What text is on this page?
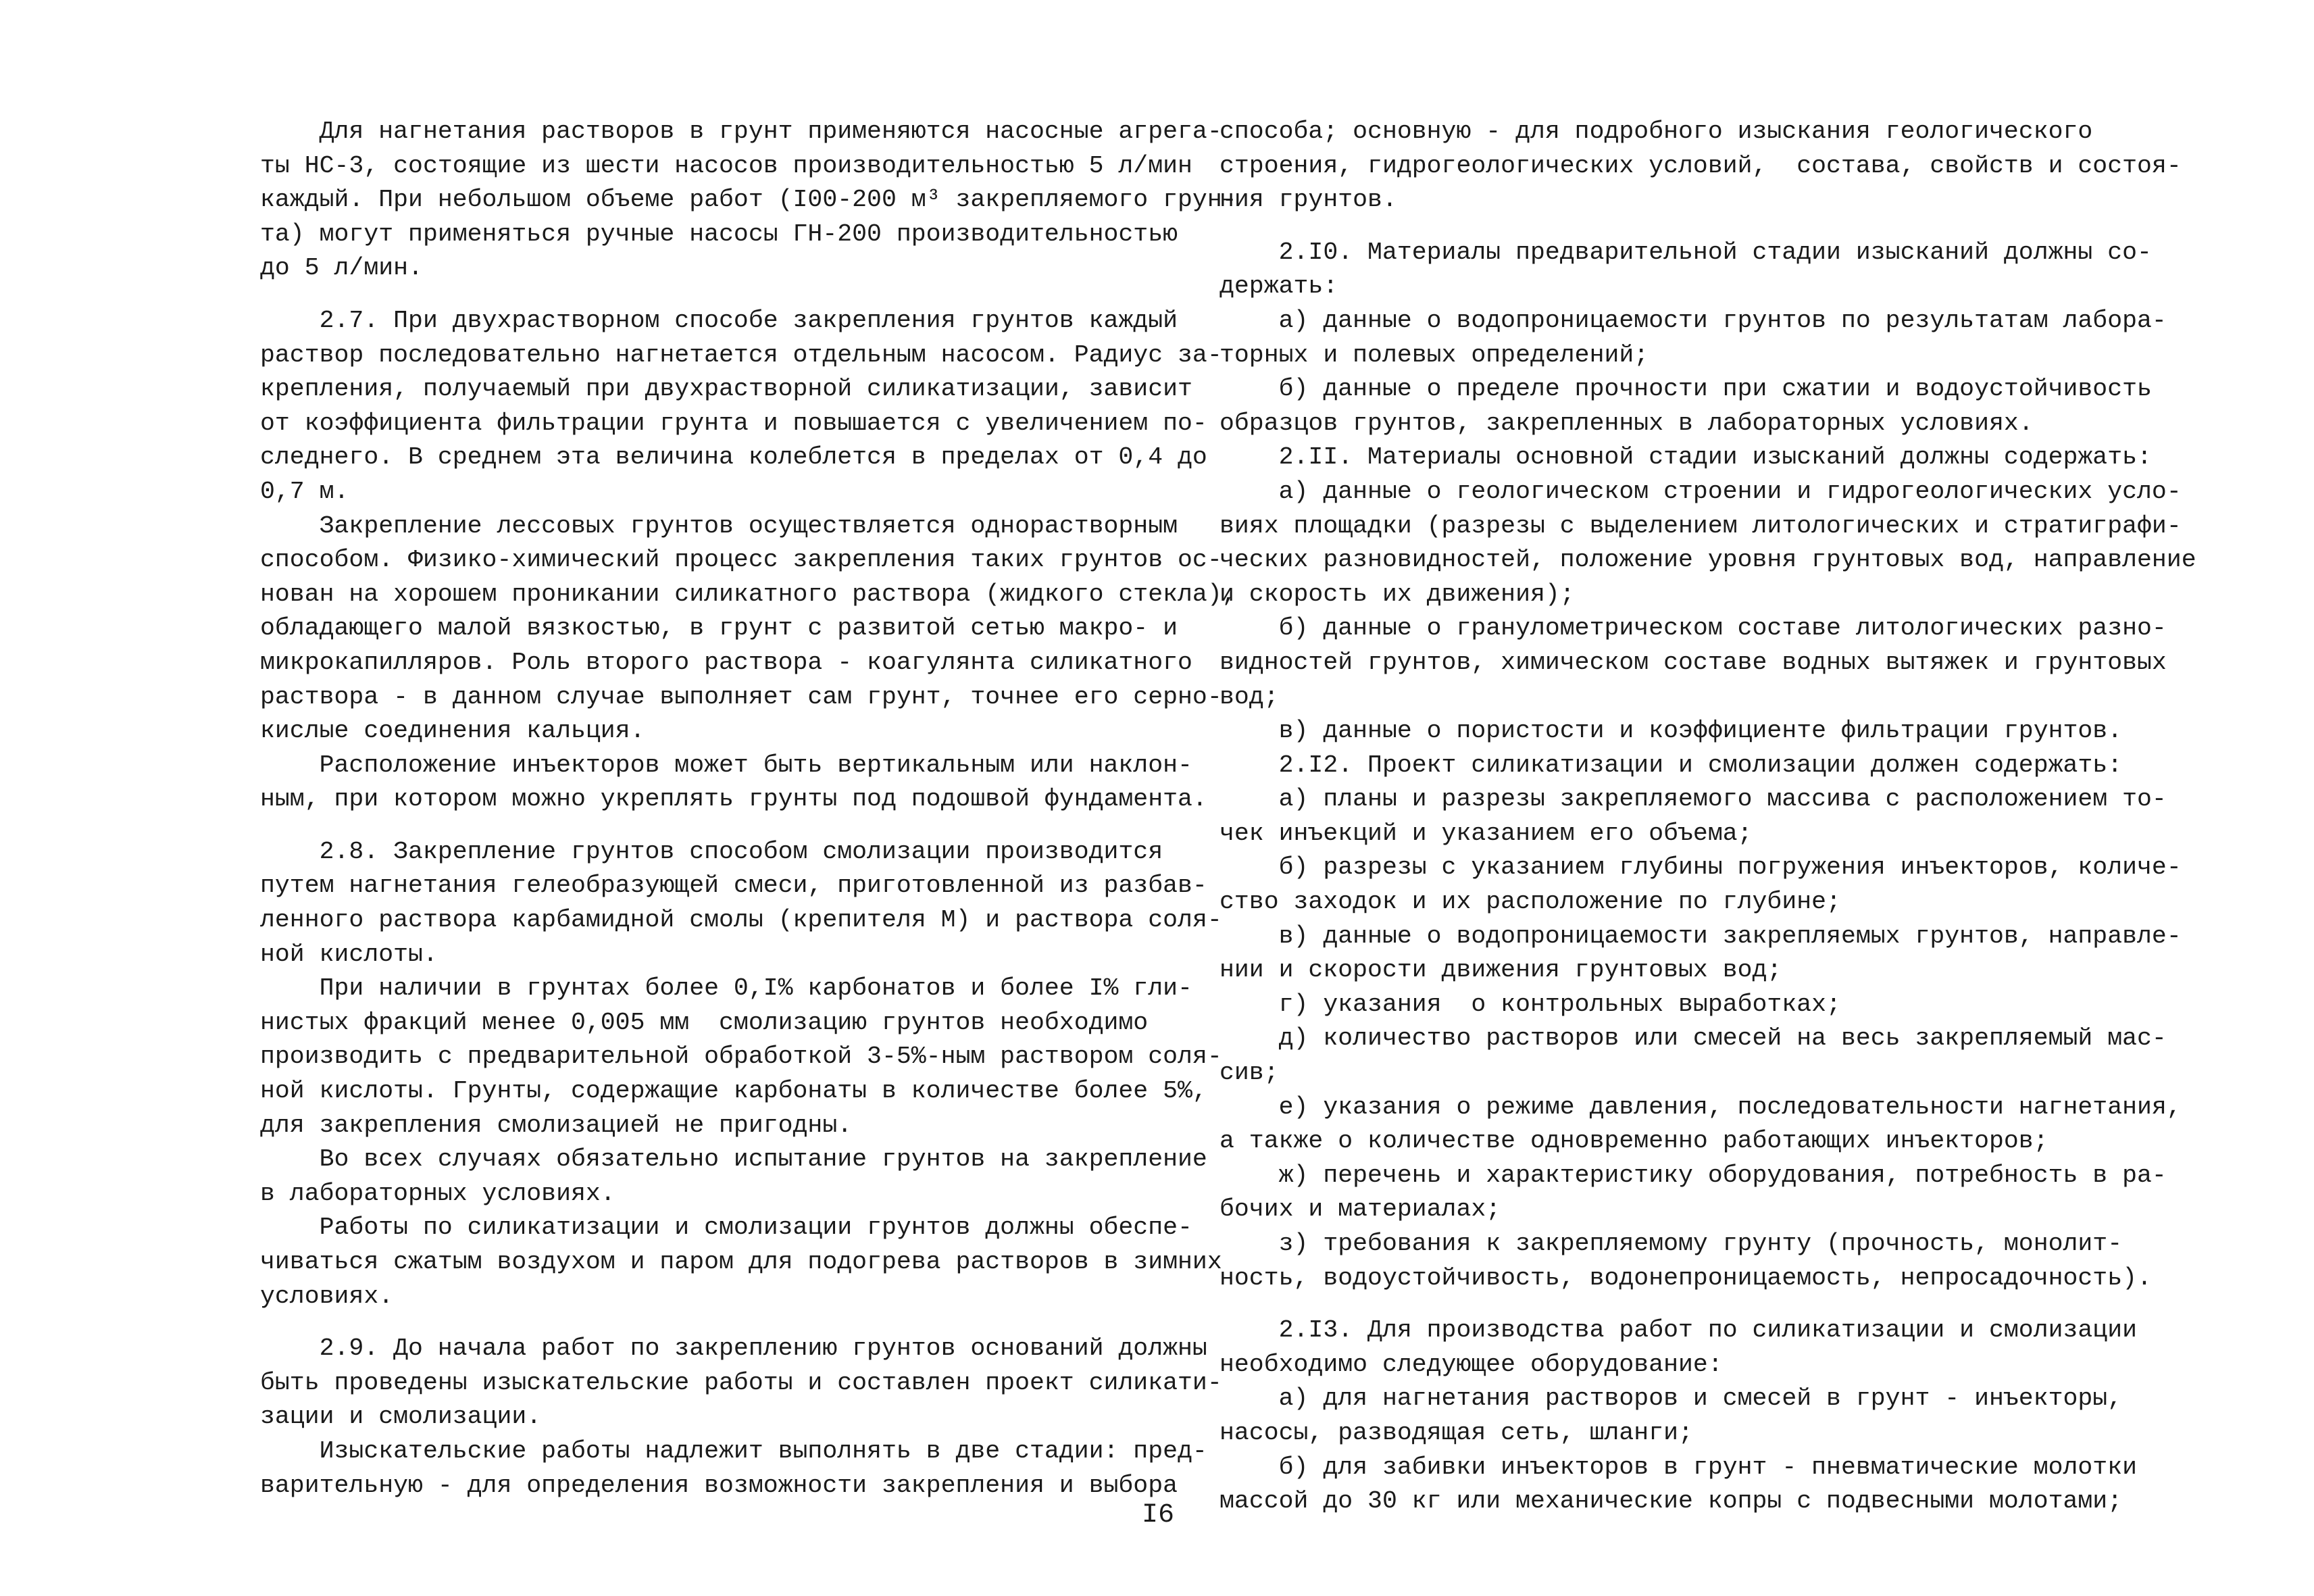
Для нагнетания растворов в грунт применяются насосные агрега-
ты НС-3, состоящие из шести насосов производительностью 5 л/мин
каждый. При небольшом объеме работ (I00-200 м³ закрепляемого грун-
та) могут применяться ручные насосы ГН-200 производительностью
до 5 л/мин.
2.7. При двухрастворном способе закрепления грунтов каждый
раствор последовательно нагнетается отдельным насосом. Радиус за-
крепления, получаемый при двухрастворной силикатизации, зависит
от коэффициента фильтрации грунта и повышается с увеличением по-
следнего. В среднем эта величина колеблется в пределах от 0,4 до
0,7 м.
Закрепление лессовых грунтов осуществляется однорастворным
способом. Физико-химический процесс закрепления таких грунтов ос-
нован на хорошем проникании силикатного раствора (жидкого стекла),
обладающего малой вязкостью, в грунт с развитой сетью макро- и
микрокапилляров. Роль второго раствора - коагулянта силикатного
раствора - в данном случае выполняет сам грунт, точнее его серно-
кислые соединения кальция.
Расположение инъекторов может быть вертикальным или наклон-
ным, при котором можно укреплять грунты под подошвой фундамента.
2.8. Закрепление грунтов способом смолизации производится
путем нагнетания гелеобразующей смеси, приготовленной из разбав-
ленного раствора карбамидной смолы (крепителя М) и раствора соля-
ной кислоты.
При наличии в грунтах более 0,I% карбонатов и более I% гли-
нистых фракций менее 0,005 мм  смолизацию грунтов необходимо
производить с предварительной обработкой 3-5%-ным раствором соля-
ной кислоты. Грунты, содержащие карбонаты в количестве более 5%,
для закрепления смолизацией не пригодны.
Во всех случаях обязательно испытание грунтов на закрепление
в лабораторных условиях.
Работы по силикатизации и смолизации грунтов должны обеспе-
чиваться сжатым воздухом и паром для подогрева растворов в зимних
условиях.
2.9. До начала работ по закреплению грунтов оснований должны
быть проведены изыскательские работы и составлен проект силикати-
зации и смолизации.
Изыскательские работы надлежит выполнять в две стадии: пред-
варительную - для определения возможности закрепления и выбора
способа; основную - для подробного изыскания геологического
строения, гидрогеологических условий,  состава, свойств и состоя-
ния грунтов.
2.I0. Материалы предварительной стадии изысканий должны со-
держать:
а) данные о водопроницаемости грунтов по результатам лабора-
торных и полевых определений;
б) данные о пределе прочности при сжатии и водоустойчивость
образцов грунтов, закрепленных в лабораторных условиях.
2.II. Материалы основной стадии изысканий должны содержать:
а) данные о геологическом строении и гидрогеологических усло-
виях площадки (разрезы с выделением литологических и стратиграфи-
ческих разновидностей, положение уровня грунтовых вод, направление
и скорость их движения);
б) данные о гранулометрическом составе литологических разно-
видностей грунтов, химическом составе водных вытяжек и грунтовых
вод;
в) данные о пористости и коэффициенте фильтрации грунтов.
2.I2. Проект силикатизации и смолизации должен содержать:
а) планы и разрезы закрепляемого массива с расположением то-
чек инъекций и указанием его объема;
б) разрезы с указанием глубины погружения инъекторов, количе-
ство заходок и их расположение по глубине;
в) данные о водопроницаемости закрепляемых грунтов, направле-
нии и скорости движения грунтовых вод;
г) указания  о контрольных выработках;
д) количество растворов или смесей на весь закрепляемый мас-
сив;
е) указания о режиме давления, последовательности нагнетания,
а также о количестве одновременно работающих инъекторов;
ж) перечень и характеристику оборудования, потребность в ра-
бочих и материалах;
з) требования к закрепляемому грунту (прочность, монолит-
ность, водоустойчивость, водонепроницаемость, непросадочность).
2.I3. Для производства работ по силикатизации и смолизации
необходимо следующее оборудование:
а) для нагнетания растворов и смесей в грунт - инъекторы,
насосы, разводящая сеть, шланги;
б) для забивки инъекторов в грунт - пневматические молотки
массой до 30 кг или механические копры с подвесными молотами;
I6
